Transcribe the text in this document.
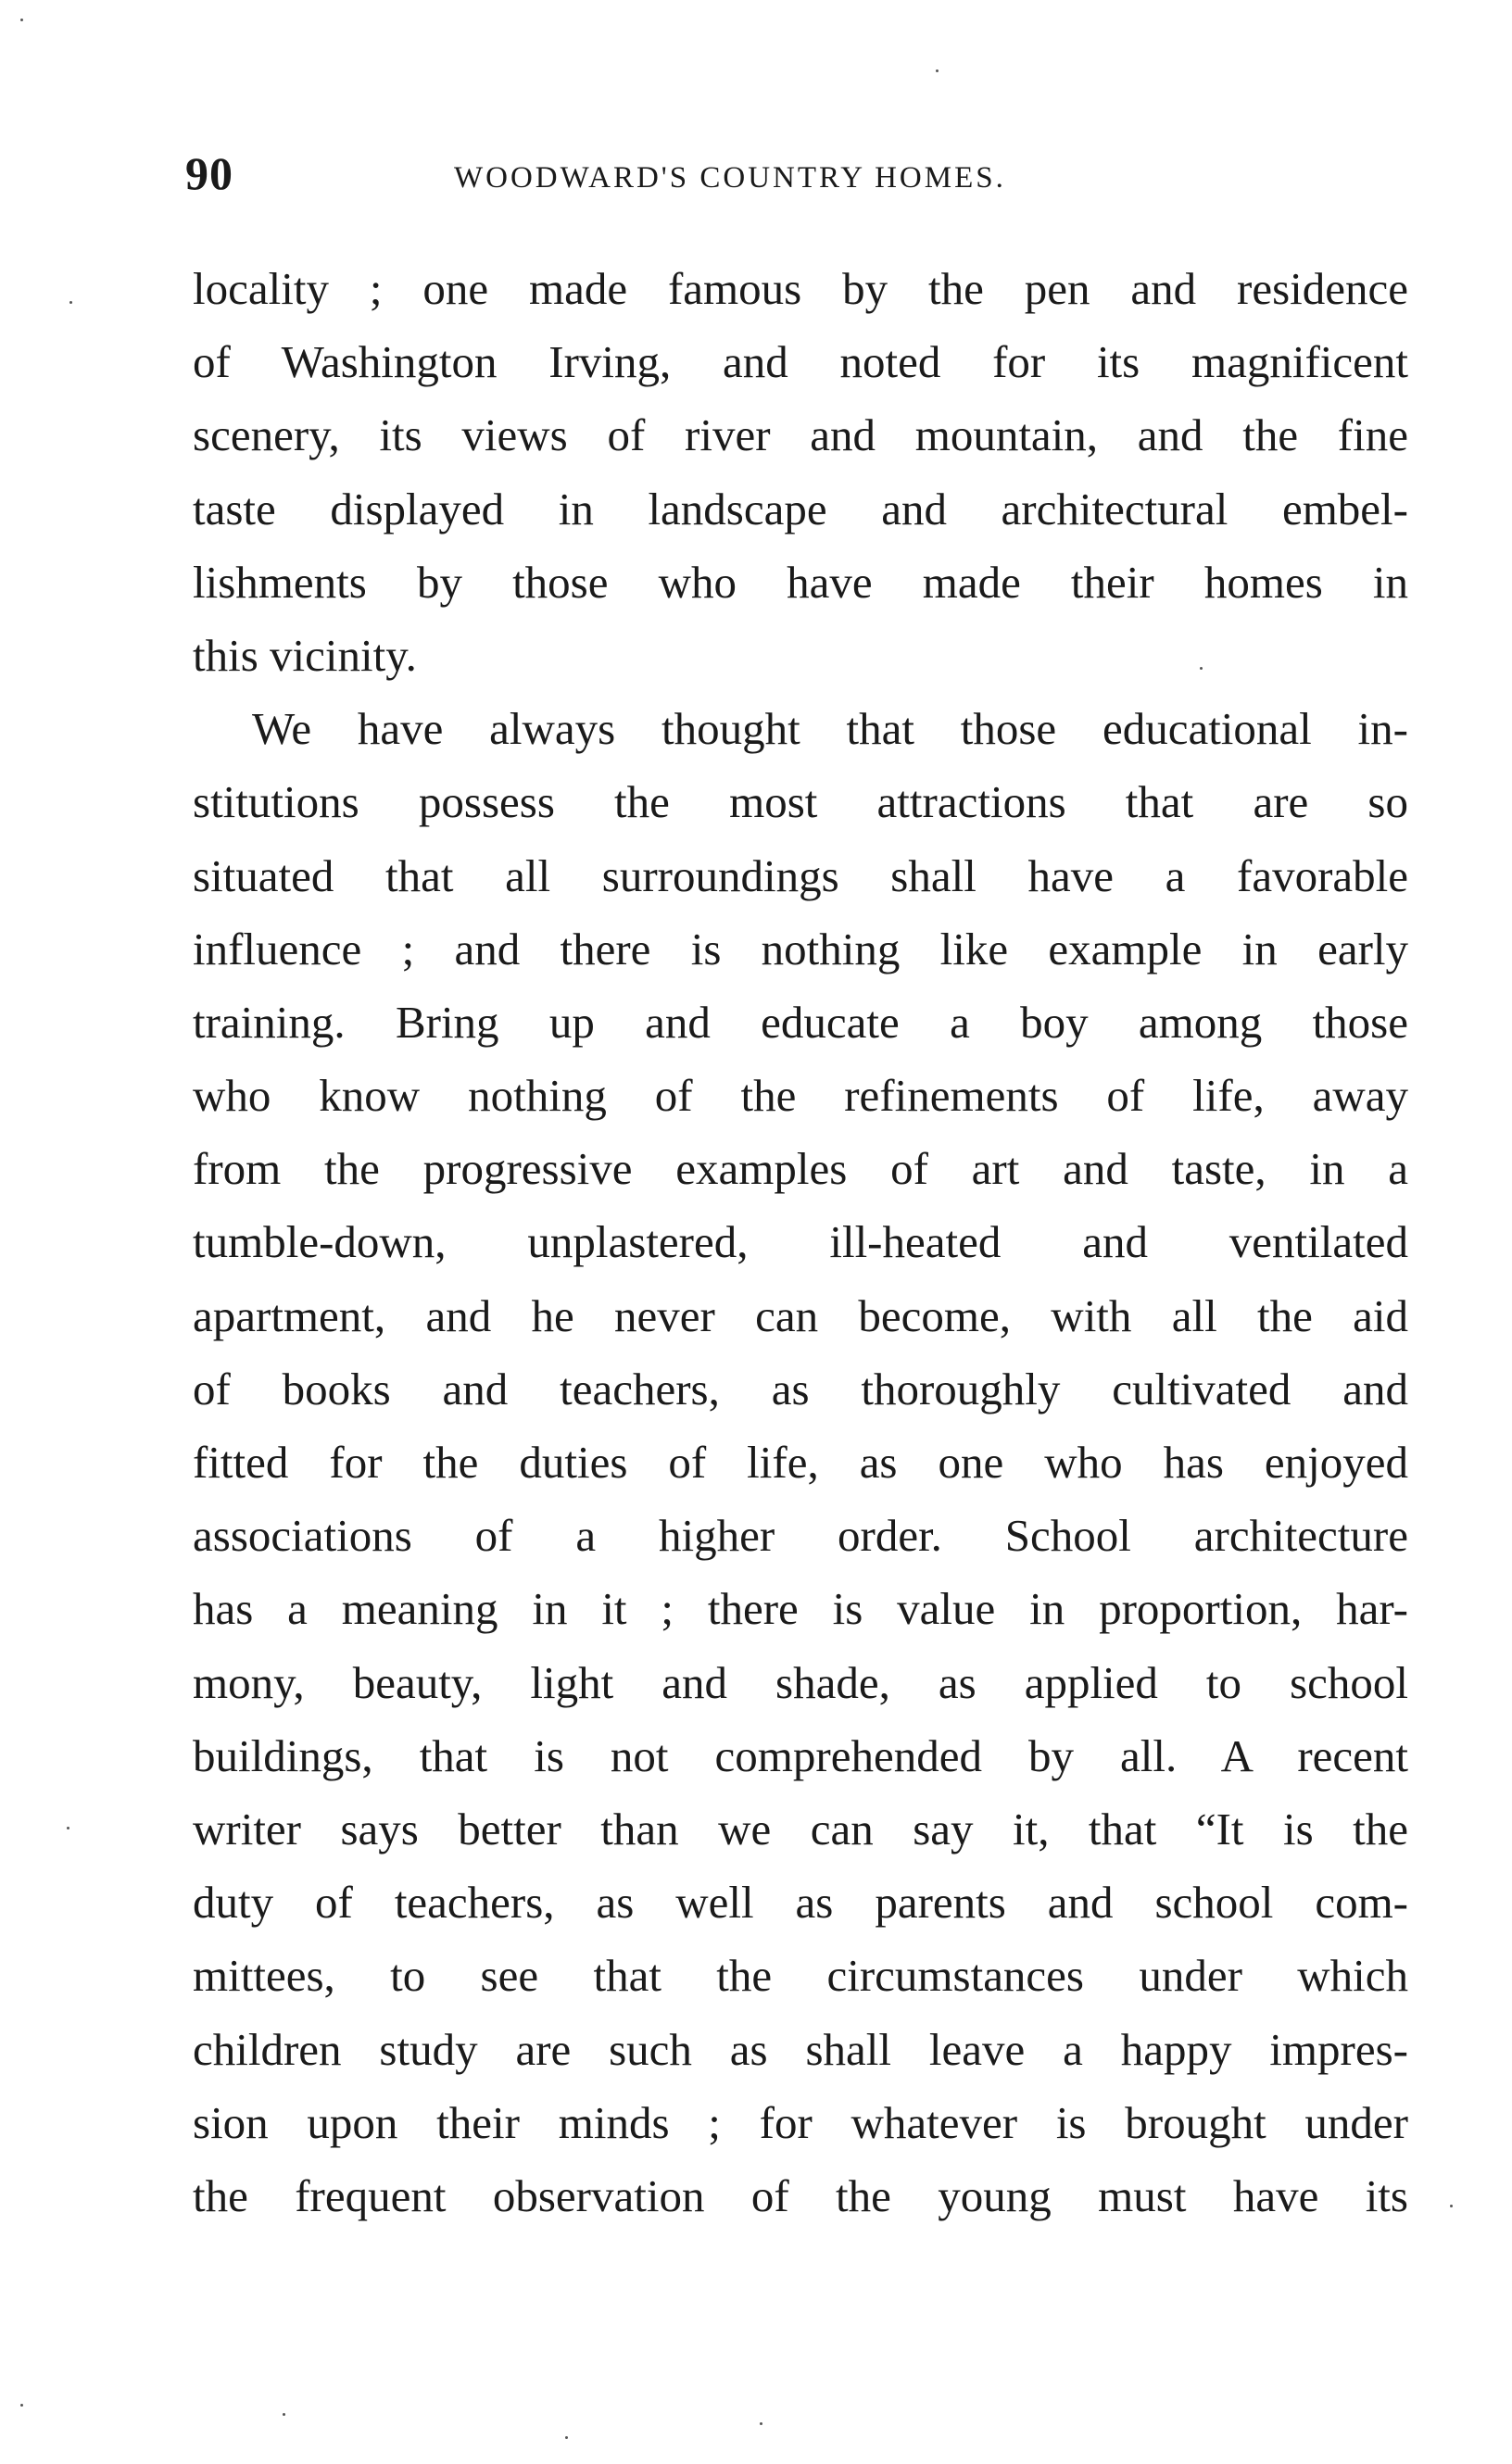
90	WOODWARD'S COUNTRY HOMES.
locality ; one made famous by the pen and residence
of Washington Irving, and noted for its magnificent
scenery, its views of river and mountain, and the fine
taste displayed in landscape and architectural embel-
lishments by those who have made their homes in
this vicinity.
We have always thought that those educational in-
stitutions possess the most attractions that are so
situated that all surroundings shall have a favorable
influence ; and there is nothing like example in early
training. Bring up and educate a boy among those
who know nothing of the refinements of life, away
from the progressive examples of art and taste, in a
tumble-down, unplastered, ill-heated and ventilated
apartment, and he never can become, with all the aid
of books and teachers, as thoroughly cultivated and
fitted for the duties of life, as one who has enjoyed
associations of a higher order. School architecture
has a meaning in it ; there is value in proportion, har-
mony, beauty, light and shade, as applied to school
buildings, that is not comprehended by all. A recent
writer says better than we can say it, that “It is the
duty of teachers, as well as parents and school com-
mittees, to see that the circumstances under which
children study are such as shall leave a happy impres-
sion upon their minds ; for whatever is brought under
the frequent observation of the young must have its
